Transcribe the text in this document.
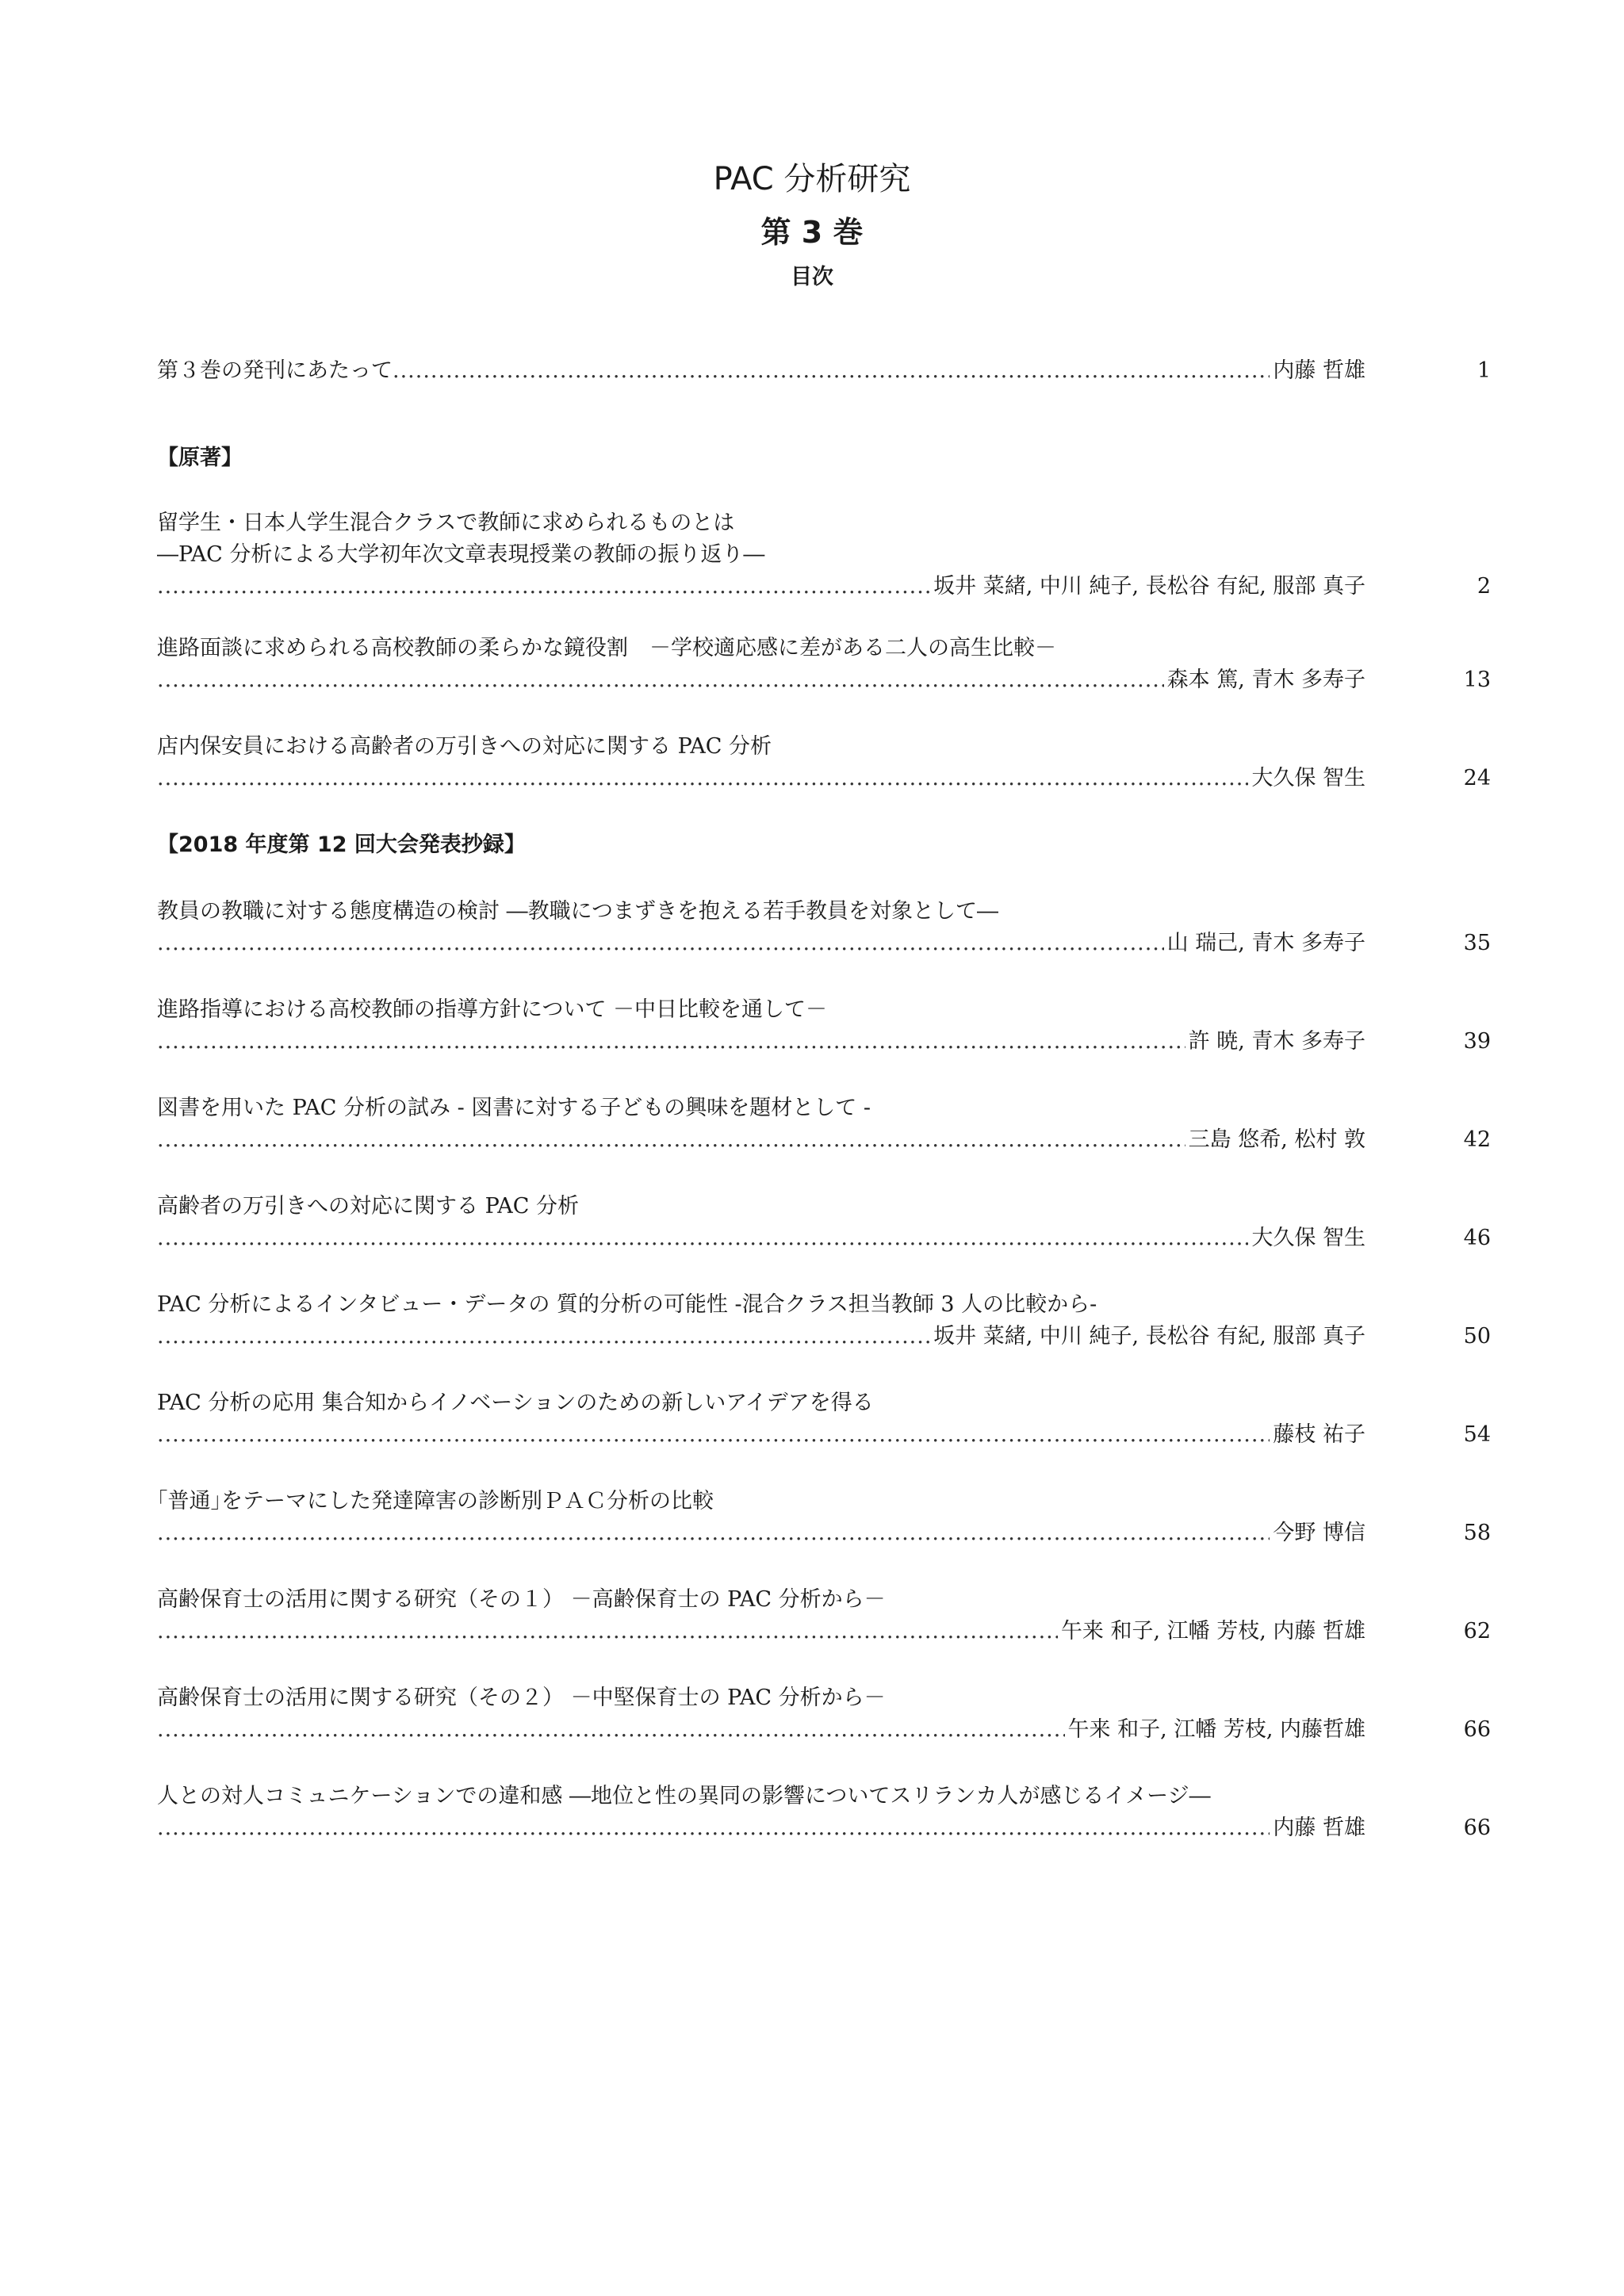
PAC 分析研究
第 3 巻
目次
第３巻の発刊にあたって .....	内藤 哲雄	1
【原著】
留学生・日本人学生混合クラスで教師に求められるものとは
―PAC 分析による大学初年次文章表現授業の教師の振り返り―
.....
坂井 菜緒, 中川 純子, 長松谷 有紀, 服部 真子	2
進路面談に求められる高校教師の柔らかな鏡役割　－学校適応感に差がある二人の高生比較－
.....
森本 篤, 青木 多寿子	13
店内保安員における高齢者の万引きへの対応に関する PAC 分析
.....
大久保 智生	24
【2018 年度第 12 回大会発表抄録】
教員の教職に対する態度構造の検討 ―教職につまずきを抱える若手教員を対象として―
.....
山 瑞己, 青木 多寿子	35
進路指導における高校教師の指導方針について －中日比較を通して－
.....
許 暁, 青木 多寿子	39
図書を用いた PAC 分析の試み - 図書に対する子どもの興味を題材として -
.....
三島 悠希, 松村 敦	42
高齢者の万引きへの対応に関する PAC 分析
.....
大久保 智生	46
PAC 分析によるインタビュー・データの 質的分析の可能性 -混合クラス担当教師 3 人の比較から-
.....
坂井 菜緒, 中川 純子, 長松谷 有紀, 服部 真子	50
PAC 分析の応用 集合知からイノベーションのための新しいアイデアを得る
.....
藤枝 祐子	54
｢普通｣をテーマにした発達障害の診断別ＰＡＣ分析の比較
.....
今野 博信	58
高齢保育士の活用に関する研究（その１） －高齢保育士の PAC 分析から－
.....
午来 和子, 江幡 芳枝, 内藤 哲雄	62
高齢保育士の活用に関する研究（その２） －中堅保育士の PAC 分析から－
.....
午来 和子, 江幡 芳枝, 内藤哲雄	66
人との対人コミュニケーションでの違和感 ―地位と性の異同の影響についてスリランカ人が感じるイメージ―
.....
内藤 哲雄	66
